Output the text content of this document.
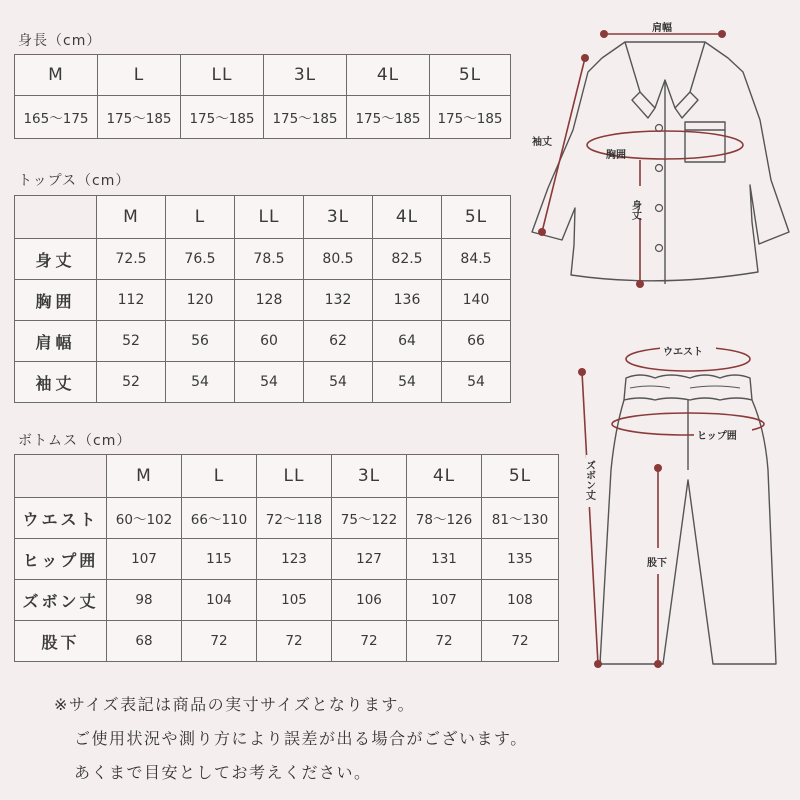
身長（cm）
M	L	LL	3L	4L	5L
165〜175	175〜185	175〜185	175〜185	175〜185	175〜185
トップス（cm）
	M	L	LL	3L	4L	5L
身丈	72.5	76.5	78.5	80.5	82.5	84.5
胸囲	112	120	128	132	136	140
肩幅	52	56	60	62	64	66
袖丈	52	54	54	54	54	54
ボトムス（cm）
	M	L	LL	3L	4L	5L
ウエスト	60〜102	66〜110	72〜118	75〜122	78〜126	81〜130
ヒップ囲	107	115	123	127	131	135
ズボン丈	98	104	105	106	107	108
股下	68	72	72	72	72	72
肩幅
袖丈
胸囲
身丈
ウエスト
ヒップ囲
ズボン丈
股下
※サイズ表記は商品の実寸サイズとなります。
ご使用状況や測り方により誤差が出る場合がございます。
あくまで目安としてお考えください。
